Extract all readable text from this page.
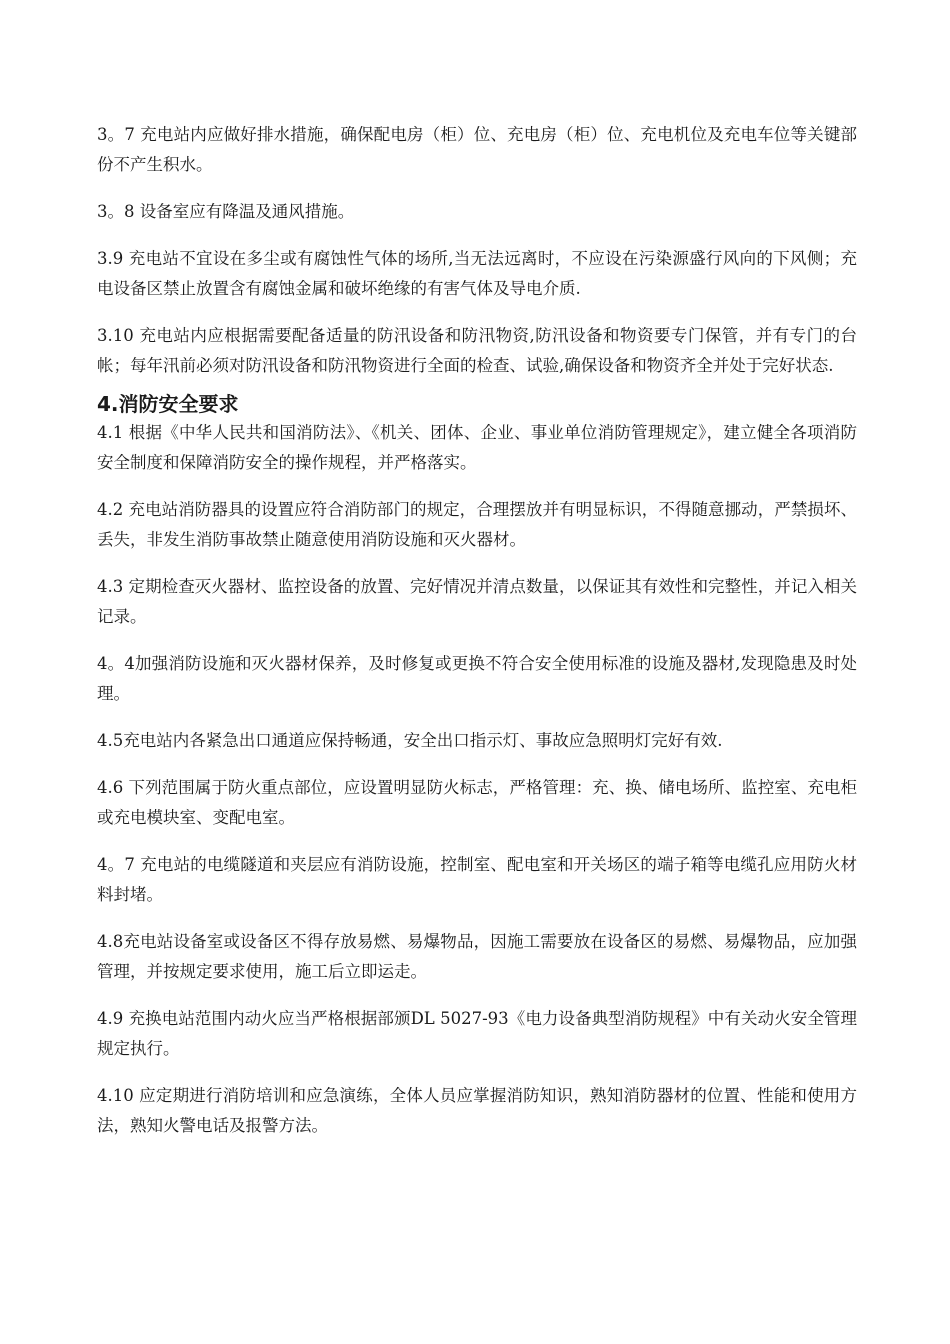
3。7 充电站内应做好排水措施，确保配电房（柜）位、充电房（柜）位、充电机位及充电车位等关键部份不产生积水。

3。8 设备室应有降温及通风措施。

3.9 充电站不宜设在多尘或有腐蚀性气体的场所,当无法远离时，不应设在污染源盛行风向的下风侧；充电设备区禁止放置含有腐蚀金属和破坏绝缘的有害气体及导电介质.

3.10 充电站内应根据需要配备适量的防汛设备和防汛物资,防汛设备和物资要专门保管，并有专门的台帐；每年汛前必须对防汛设备和防汛物资进行全面的检查、试验,确保设备和物资齐全并处于完好状态.

4.消防安全要求

4.1 根据《中华人民共和国消防法》、《机关、团体、企业、事业单位消防管理规定》，建立健全各项消防安全制度和保障消防安全的操作规程，并严格落实。

4.2 充电站消防器具的设置应符合消防部门的规定，合理摆放并有明显标识，不得随意挪动，严禁损坏、丢失，非发生消防事故禁止随意使用消防设施和灭火器材。

4.3 定期检查灭火器材、监控设备的放置、完好情况并清点数量，以保证其有效性和完整性，并记入相关记录。

4。4加强消防设施和灭火器材保养，及时修复或更换不符合安全使用标准的设施及器材,发现隐患及时处理。

4.5充电站内各紧急出口通道应保持畅通，安全出口指示灯、事故应急照明灯完好有效.

4.6 下列范围属于防火重点部位，应设置明显防火标志，严格管理：充、换、储电场所、监控室、充电柜或充电模块室、变配电室。

4。7 充电站的电缆隧道和夹层应有消防设施，控制室、配电室和开关场区的端子箱等电缆孔应用防火材料封堵。

4.8充电站设备室或设备区不得存放易燃、易爆物品，因施工需要放在设备区的易燃、易爆物品，应加强管理，并按规定要求使用，施工后立即运走。

4.9 充换电站范围内动火应当严格根据部颁DL 5027-93《电力设备典型消防规程》中有关动火安全管理规定执行。

4.10 应定期进行消防培训和应急演练，全体人员应掌握消防知识，熟知消防器材的位置、性能和使用方法，熟知火警电话及报警方法。
